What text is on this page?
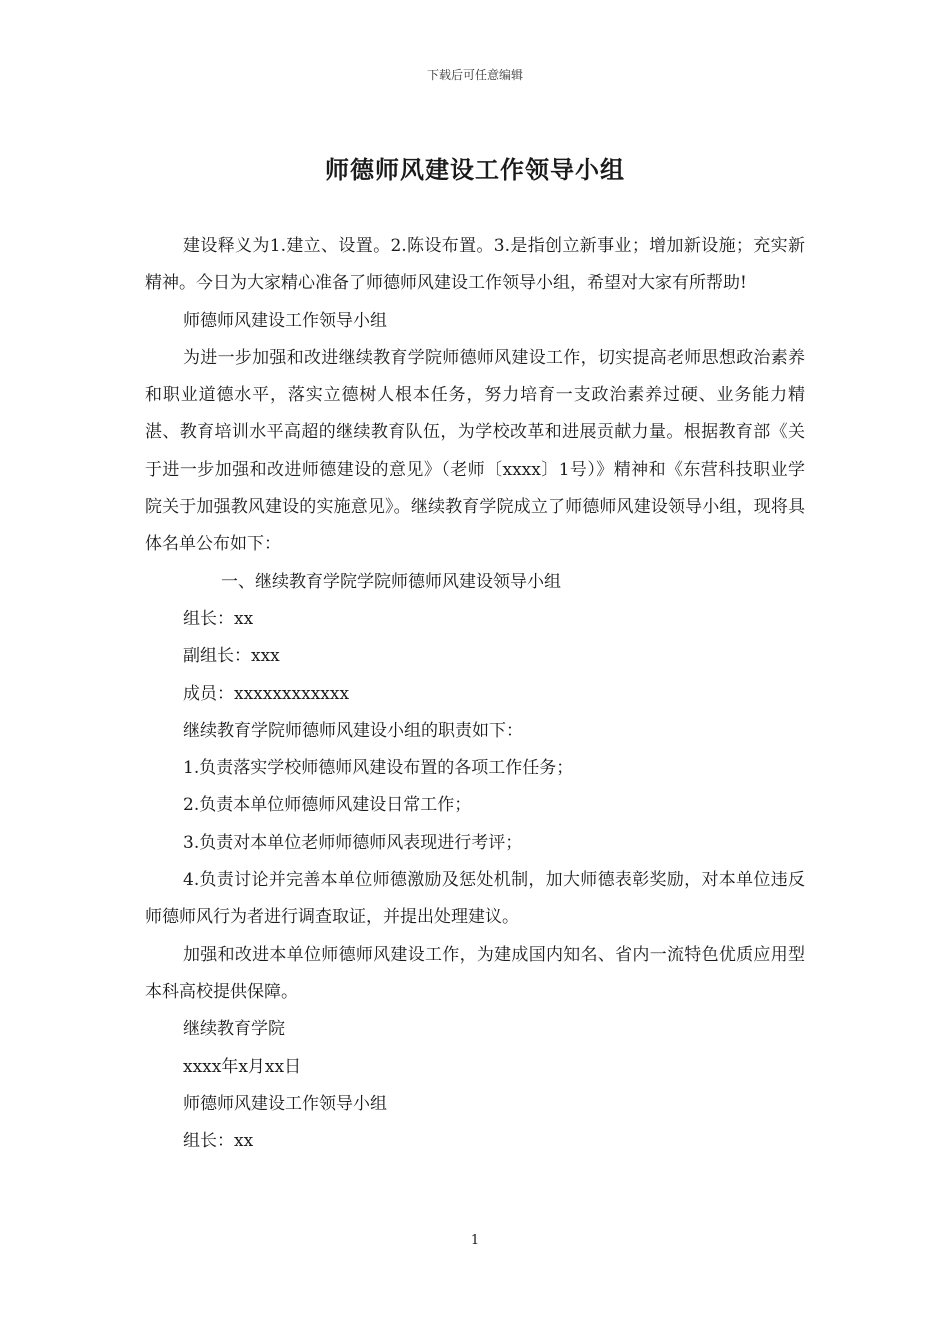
下载后可任意编辑
师德师风建设工作领导小组

建设释义为1.建立、设置。2.陈设布置。3.是指创立新事业；增加新设施；充实新精神。今日为大家精心准备了师德师风建设工作领导小组，希望对大家有所帮助!

师德师风建设工作领导小组

为进一步加强和改进继续教育学院师德师风建设工作，切实提高老师思想政治素养和职业道德水平，落实立德树人根本任务，努力培育一支政治素养过硬、业务能力精湛、教育培训水平高超的继续教育队伍，为学校改革和进展贡献力量。根据教育部《关于进一步加强和改进师德建设的意见》（老师〔xxxx〕1号）》精神和《东营科技职业学院关于加强教风建设的实施意见》。继续教育学院成立了师德师风建设领导小组，现将具体名单公布如下：

一、继续教育学院学院师德师风建设领导小组

组长：xx

副组长：xxx

成员：xxxxxxxxxxxx

继续教育学院师德师风建设小组的职责如下：

1.负责落实学校师德师风建设布置的各项工作任务；

2.负责本单位师德师风建设日常工作；

3.负责对本单位老师师德师风表现进行考评；

4.负责讨论并完善本单位师德激励及惩处机制，加大师德表彰奖励，对本单位违反师德师风行为者进行调查取证，并提出处理建议。

加强和改进本单位师德师风建设工作，为建成国内知名、省内一流特色优质应用型本科高校提供保障。

继续教育学院

xxxx年x月xx日

师德师风建设工作领导小组

组长：xx

1
